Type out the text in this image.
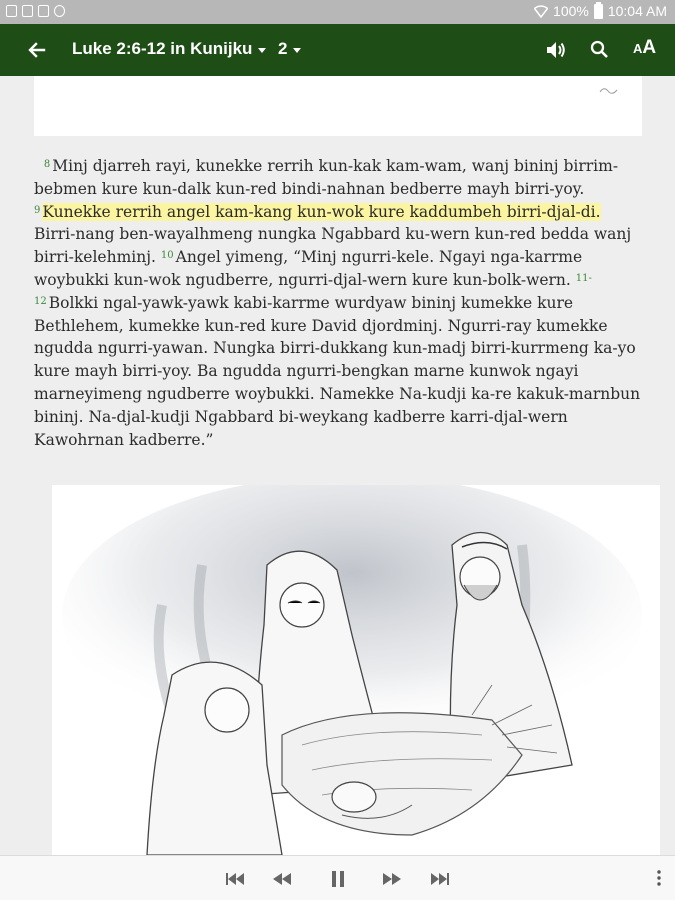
100% 10:04 AM
Luke 2:6-12 in Kunijku 2	AA
$^8$ Minj djarreh rayi, kunekke rerrih kun-kak kam-wam, wanj bininj birrim-bebmen kure kun-dalk kun-red bindi-nahnan bedberre mayh birri-yoy. $^9$ Kunekke rerrih angel kam-kang kun-wok kure kaddumbeh birri-djal-di. Birri-nang ben-wayalhmeng nungka Ngabbard ku-wern kun-red bedda wanj birri-kelehminj. $^{10}$ Angel yimeng, “Minj ngurri-kele. Ngayi nga-karrme woybukki kun-wok ngudberre, ngurri-djal-wern kure kun-bolk-wern. $^{11-12}$ Bolkki ngal-yawk-yawk kabi-karrme wurdyaw bininj kumekke kure Bethlehem, kumekke kun-red kure David djordminj. Ngurri-ray kumekke ngudda ngurri-yawan. Nungka birri-dukkang kun-madj birri-kurrmeng ka-yo kure mayh birri-yoy. Ba ngudda ngurri-bengkan marne kunwok ngayi marneyimeng ngudberre woybukki. Namekke Na-kudji ka-re kakuk-marnbun bininj. Na-djal-kudji Ngabbard bi-weykang kadberre karri-djal-wern Kawohrnan kadberre.”
